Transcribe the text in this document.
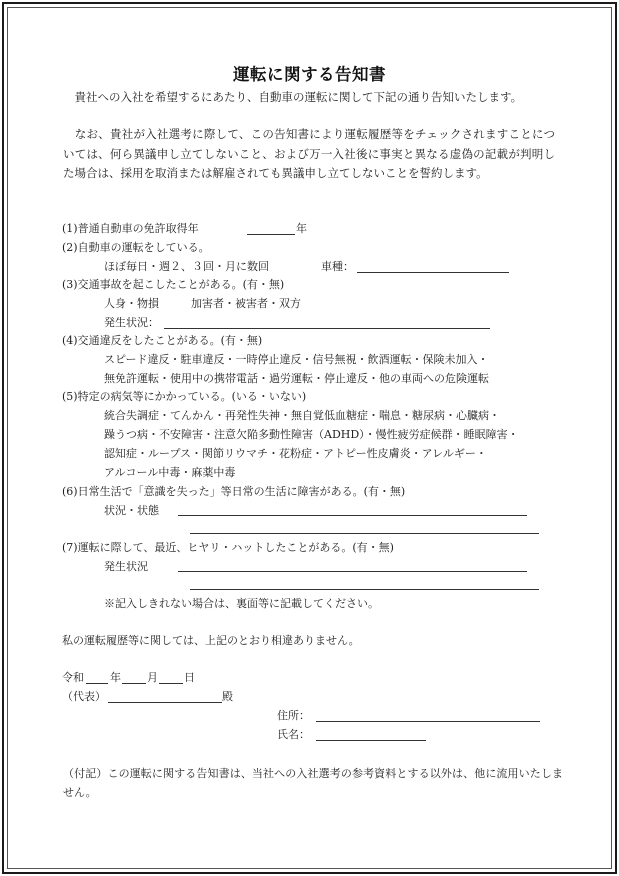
運転に関する告知書
　貴社への入社を希望するにあたり、自動車の運転に関して下記の通り告知いたします。
　なお、貴社が入社選考に際して、この告知書により運転履歴等をチェックされますことについては、何ら異議申し立てしないこと、および万一入社後に事実と異なる虚偽の記載が判明した場合は、採用を取消または解雇されても異議申し立てしないことを誓約します。
(1)普通自動車の免許取得年	年
(2)自動車の運転をしている。
ほぼ毎日・週２、３回・月に数回	車種：
(3)交通事故を起こしたことがある。(有・無)
人身・物損	加害者・被害者・双方
発生状況：
(4)交通違反をしたことがある。(有・無)
スピード違反・駐車違反・一時停止違反・信号無視・飲酒運転・保険未加入・
無免許運転・使用中の携帯電話・過労運転・停止違反・他の車両への危険運転
(5)特定の病気等にかかっている。(いる・いない)
統合失調症・てんかん・再発性失神・無自覚低血糖症・喘息・糖尿病・心臓病・
躁うつ病・不安障害・注意欠陥多動性障害（ADHD）・慢性疲労症候群・睡眠障害・
認知症・ループス・関節リウマチ・花粉症・アトピー性皮膚炎・アレルギー・
アルコール中毒・麻薬中毒
(6)日常生活で「意識を失った」等日常の生活に障害がある。(有・無)
状況・状態
(7)運転に際して、最近、ヒヤリ・ハットしたことがある。(有・無)
発生状況
※記入しきれない場合は、裏面等に記載してください。
私の運転履歴等に関しては、上記のとおり相違ありません。
令和 年 月 日
（代表）	殿
住所：
氏名：
（付記）この運転に関する告知書は、当社への入社選考の参考資料とする以外は、他に流用いたしません。
